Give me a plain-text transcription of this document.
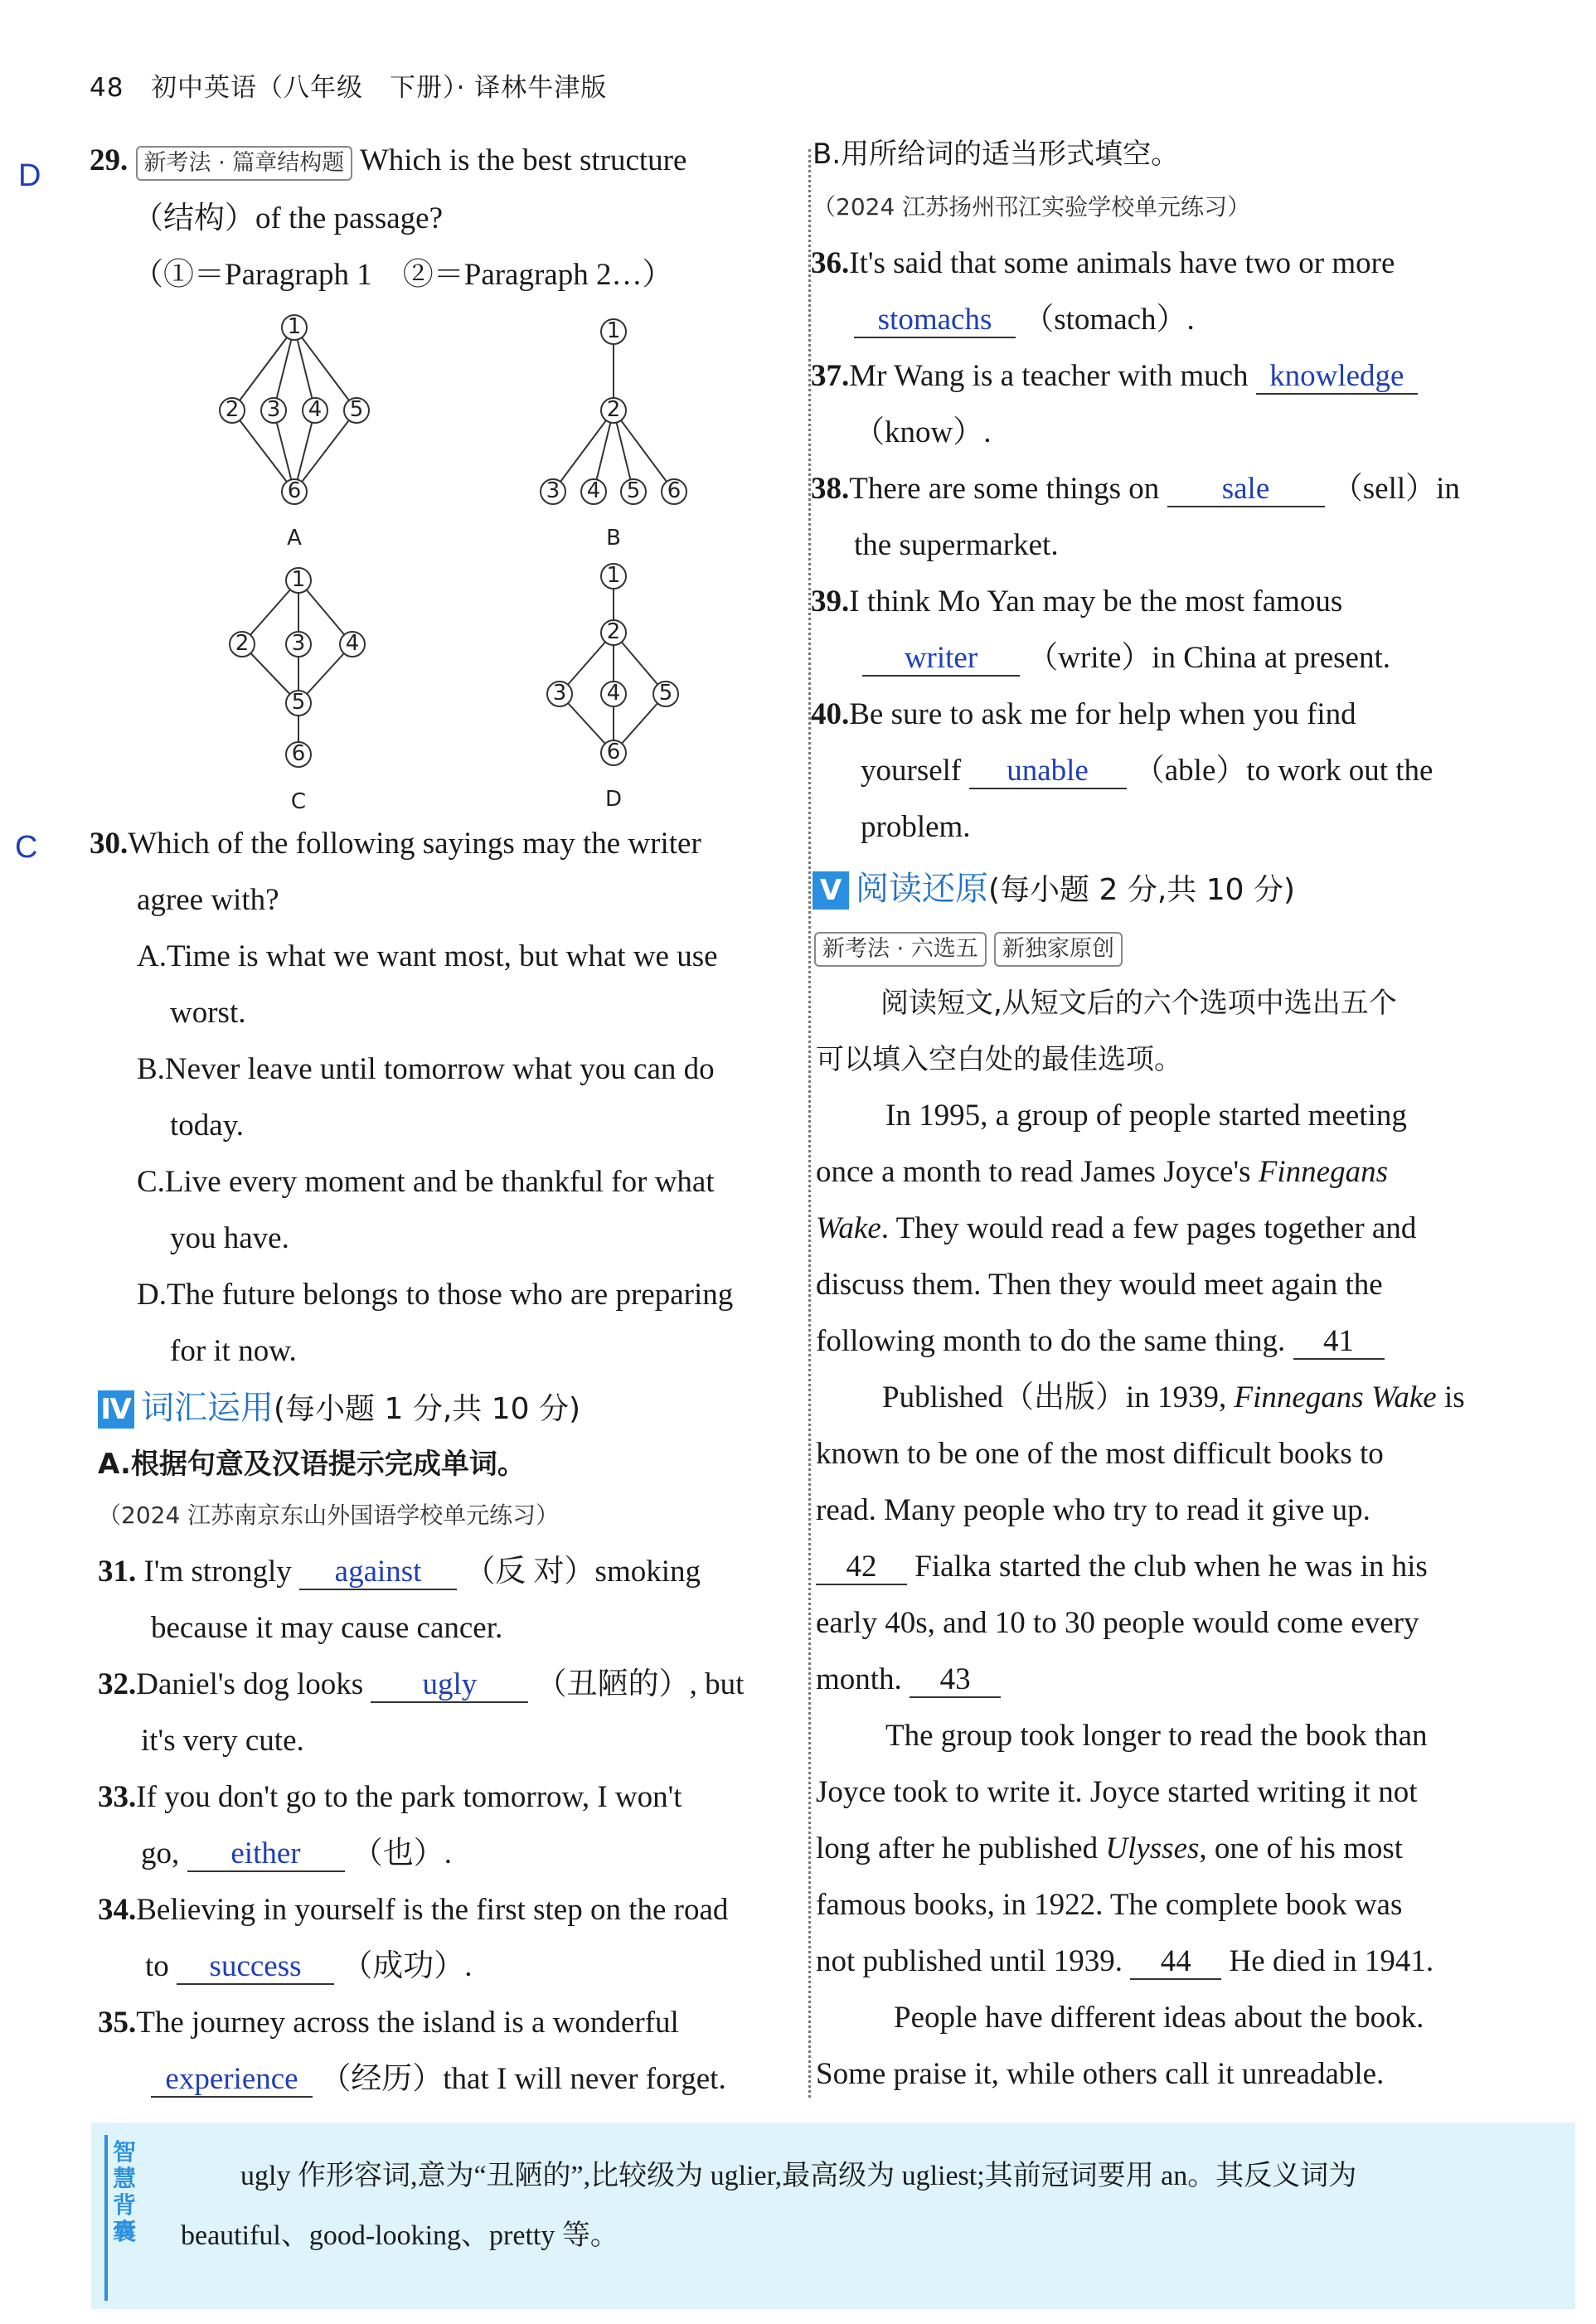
48 初中英语（八年级　下册）· 译林牛津版
D 29. 新考法 · 篇章结构题 Which is the best structure
（结构）of the passage?
（①＝Paragraph 1　②＝Paragraph 2…）
1
2 3 4 5
6
1
2
3 4 5 6
1
2 3 4
5
6
1
2
3 4 5
6
A	B
C	D
C 30.Which of the following sayings may the writer
agree with?
A.Time is what we want most, but what we use
worst.
B.Never leave until tomorrow what you can do
today.
C.Live every moment and be thankful for what
you have.
D.The future belongs to those who are preparing
for it now.
Ⅳ 词汇运用(每小题 1 分,共 10 分)
A.根据句意及汉语提示完成单词。
（2024 江苏南京东山外国语学校单元练习）
31. I'm strongly against （反 对）smoking
because it may cause cancer.
32.Daniel's dog looks ugly （丑陋的）, but
it's very cute.
33.If you don't go to the park tomorrow, I won't
go, either （也）.
34.Believing in yourself is the first step on the road
to success （成功）.
35.The journey across the island is a wonderful
experience （经历）that I will never forget.
B.用所给词的适当形式填空。
（2024 江苏扬州邗江实验学校单元练习）
36.It's said that some animals have two or more
stomachs （stomach）.
37.Mr Wang is a teacher with much knowledge
（know）.
38.There are some things on sale （sell）in
the supermarket.
39.I think Mo Yan may be the most famous
writer （write）in China at present.
40.Be sure to ask me for help when you find
yourself unable （able）to work out the
problem.
Ⅴ 阅读还原(每小题 2 分,共 10 分)
新考法 · 六选五 新独家原创
阅读短文,从短文后的六个选项中选出五个
可以填入空白处的最佳选项。
In 1995, a group of people started meeting
once a month to read James Joyce's Finnegans
Wake. They would read a few pages together and
discuss them. Then they would meet again the
following month to do the same thing. 41
Published（出版）in 1939, Finnegans Wake is
known to be one of the most difficult books to
read. Many people who try to read it give up.
42 Fialka started the club when he was in his
early 40s, and 10 to 30 people would come every
month. 43
The group took longer to read the book than
Joyce took to write it. Joyce started writing it not
long after he published Ulysses, one of his most
famous books, in 1922. The complete book was
not published until 1939. 44 He died in 1941.
People have different ideas about the book.
Some praise it, while others call it unreadable.
智慧背囊
ugly 作形容词,意为“丑陋的”,比较级为 uglier,最高级为 ugliest;其前冠词要用 an。其反义词为
beautiful、good-looking、pretty 等。
